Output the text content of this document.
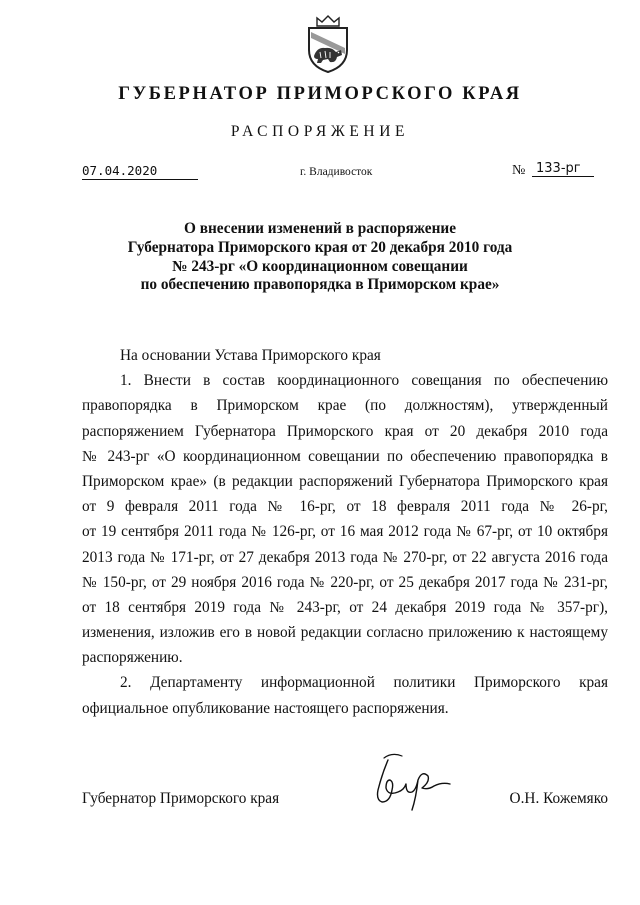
ГУБЕРНАТОР ПРИМОРСКОГО КРАЯ
РАСПОРЯЖЕНИЕ
07.04.2020	г. Владивосток	№ 133-рг
О внесении изменений в распоряжение
Губернатора Приморского края от 20 декабря 2010 года
№ 243-рг «О координационном совещании
по обеспечению правопорядка в Приморском крае»
На основании Устава Приморского края
1. Внести в состав координационного совещания по обеспечению
правопорядка в Приморском крае (по должностям), утвержденный
распоряжением Губернатора Приморского края от 20 декабря 2010 года
№ 243-рг «О координационном совещании по обеспечению правопорядка в
Приморском крае» (в редакции распоряжений Губернатора Приморского края
от 9 февраля 2011 года № 16-рг, от 18 февраля 2011 года № 26-рг,
от 19 сентября 2011 года № 126-рг, от 16 мая 2012 года № 67-рг, от 10 октября
2013 года № 171-рг, от 27 декабря 2013 года № 270-рг, от 22 августа 2016 года
№ 150-рг, от 29 ноября 2016 года № 220-рг, от 25 декабря 2017 года № 231-рг,
от 18 сентября 2019 года № 243-рг, от 24 декабря 2019 года № 357-рг),
изменения, изложив его в новой редакции согласно приложению к настоящему
распоряжению.
2. Департаменту информационной политики Приморского края
официальное опубликование настоящего распоряжения.
Губернатор Приморского края	О.Н. Кожемяко
